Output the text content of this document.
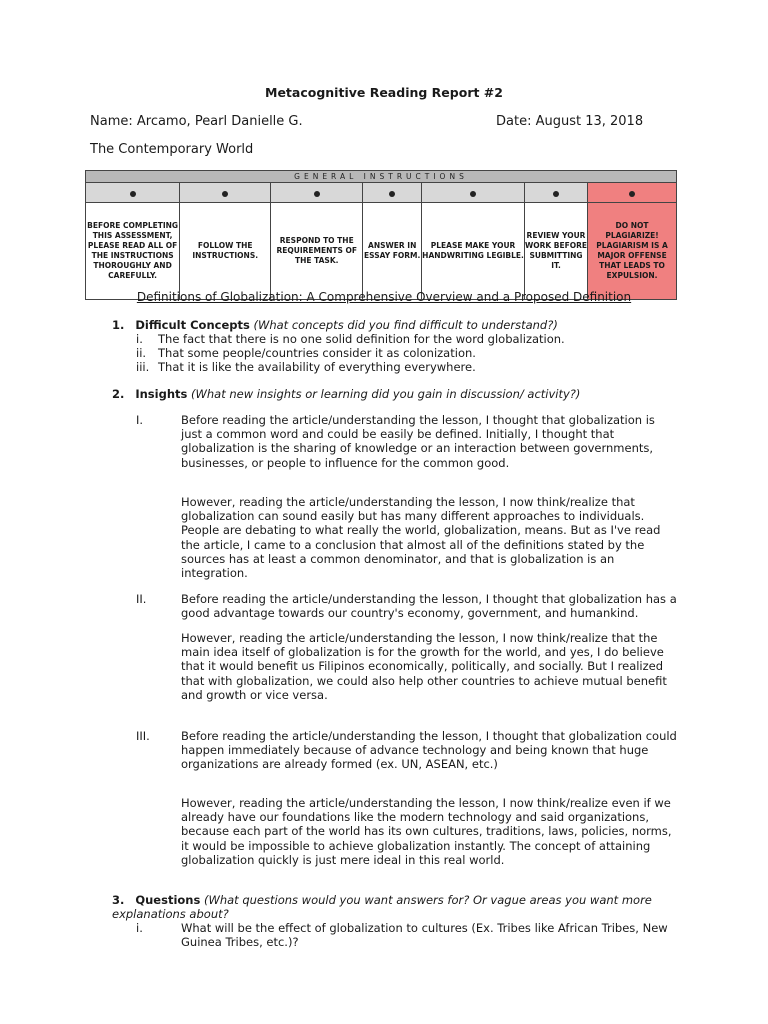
Metacognitive Reading Report #2
Name: Arcamo, Pearl Danielle G.	Date: August 13, 2018
The Contemporary World
GENERAL INSTRUCTIONS						

BEFORE COMPLETING THIS ASSESSMENT, PLEASE READ ALL OF THE INSTRUCTIONS THOROUGHLY AND CAREFULLY.	FOLLOW THE INSTRUCTIONS.	RESPOND TO THE REQUIREMENTS OF THE TASK.	ANSWER IN ESSAY FORM.	PLEASE MAKE YOUR HANDWRITING LEGIBLE.	REVIEW YOUR WORK BEFORE SUBMITTING IT.	DO NOT PLAGIARIZE! PLAGIARISM IS A MAJOR OFFENSE THAT LEADS TO EXPULSION.
Definitions of Globalization: A Comprehensive Overview and a Proposed Definition
1. Difficult Concepts (What concepts did you find difficult to understand?)
i. The fact that there is no one solid definition for the word globalization.
ii. That some people/countries consider it as colonization.
iii. That it is like the availability of everything everywhere.
2. Insights (What new insights or learning did you gain in discussion/ activity?)
I.	Before reading the article/understanding the lesson, I thought that globalization is just a common word and could be easily be defined. Initially, I thought that globalization is the sharing of knowledge or an interaction between governments, businesses, or people to influence for the common good.
However, reading the article/understanding the lesson, I now think/realize that globalization can sound easily but has many different approaches to individuals. People are debating to what really the world, globalization, means. But as I've read the article, I came to a conclusion that almost all of the definitions stated by the sources has at least a common denominator, and that is globalization is an integration.
II.	Before reading the article/understanding the lesson, I thought that globalization has a good advantage towards our country's economy, government, and humankind.
However, reading the article/understanding the lesson, I now think/realize that the main idea itself of globalization is for the growth for the world, and yes, I do believe that it would benefit us Filipinos economically, politically, and socially. But I realized that with globalization, we could also help other countries to achieve mutual benefit and growth or vice versa.
III.	Before reading the article/understanding the lesson, I thought that globalization could happen immediately because of advance technology and being known that huge organizations are already formed (ex. UN, ASEAN, etc.)
However, reading the article/understanding the lesson, I now think/realize even if we already have our foundations like the modern technology and said organizations, because each part of the world has its own cultures, traditions, laws, policies, norms, it would be impossible to achieve globalization instantly. The concept of attaining globalization quickly is just mere ideal in this real world.
3. Questions (What questions would you want answers for? Or vague areas you want more explanations about?
i.	What will be the effect of globalization to cultures (Ex. Tribes like African Tribes, New Guinea Tribes, etc.)?
